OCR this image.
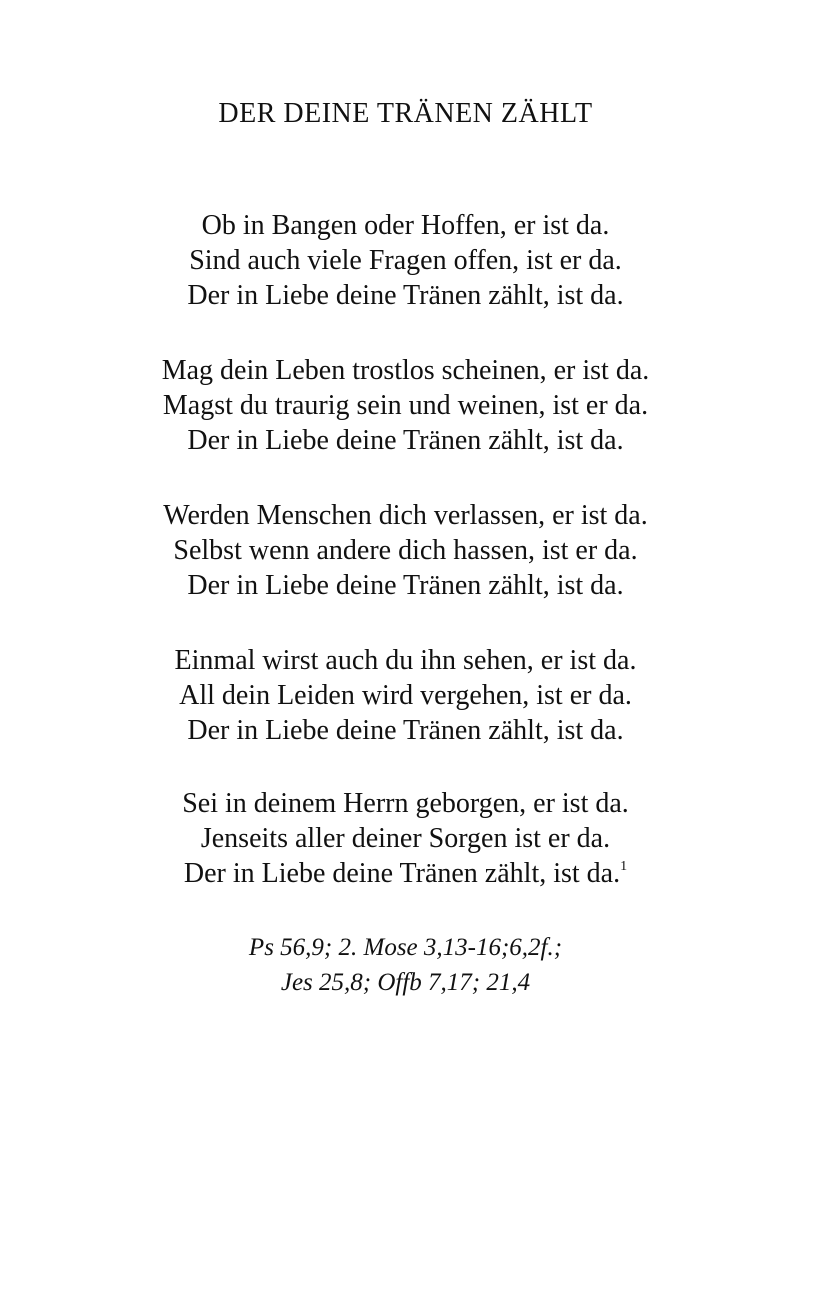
DER DEINE TRÄNEN ZÄHLT
Ob in Bangen oder Hoffen, er ist da.
Sind auch viele Fragen offen, ist er da.
Der in Liebe deine Tränen zählt, ist da.
Mag dein Leben trostlos scheinen, er ist da.
Magst du traurig sein und weinen, ist er da.
Der in Liebe deine Tränen zählt, ist da.
Werden Menschen dich verlassen, er ist da.
Selbst wenn andere dich hassen, ist er da.
Der in Liebe deine Tränen zählt, ist da.
Einmal wirst auch du ihn sehen, er ist da.
All dein Leiden wird vergehen, ist er da.
Der in Liebe deine Tränen zählt, ist da.
Sei in deinem Herrn geborgen, er ist da.
Jenseits aller deiner Sorgen ist er da.
Der in Liebe deine Tränen zählt, ist da.$^1$
Ps 56,9; 2. Mose 3,13-16;6,2f.;
Jes 25,8; Offb 7,17; 21,4
